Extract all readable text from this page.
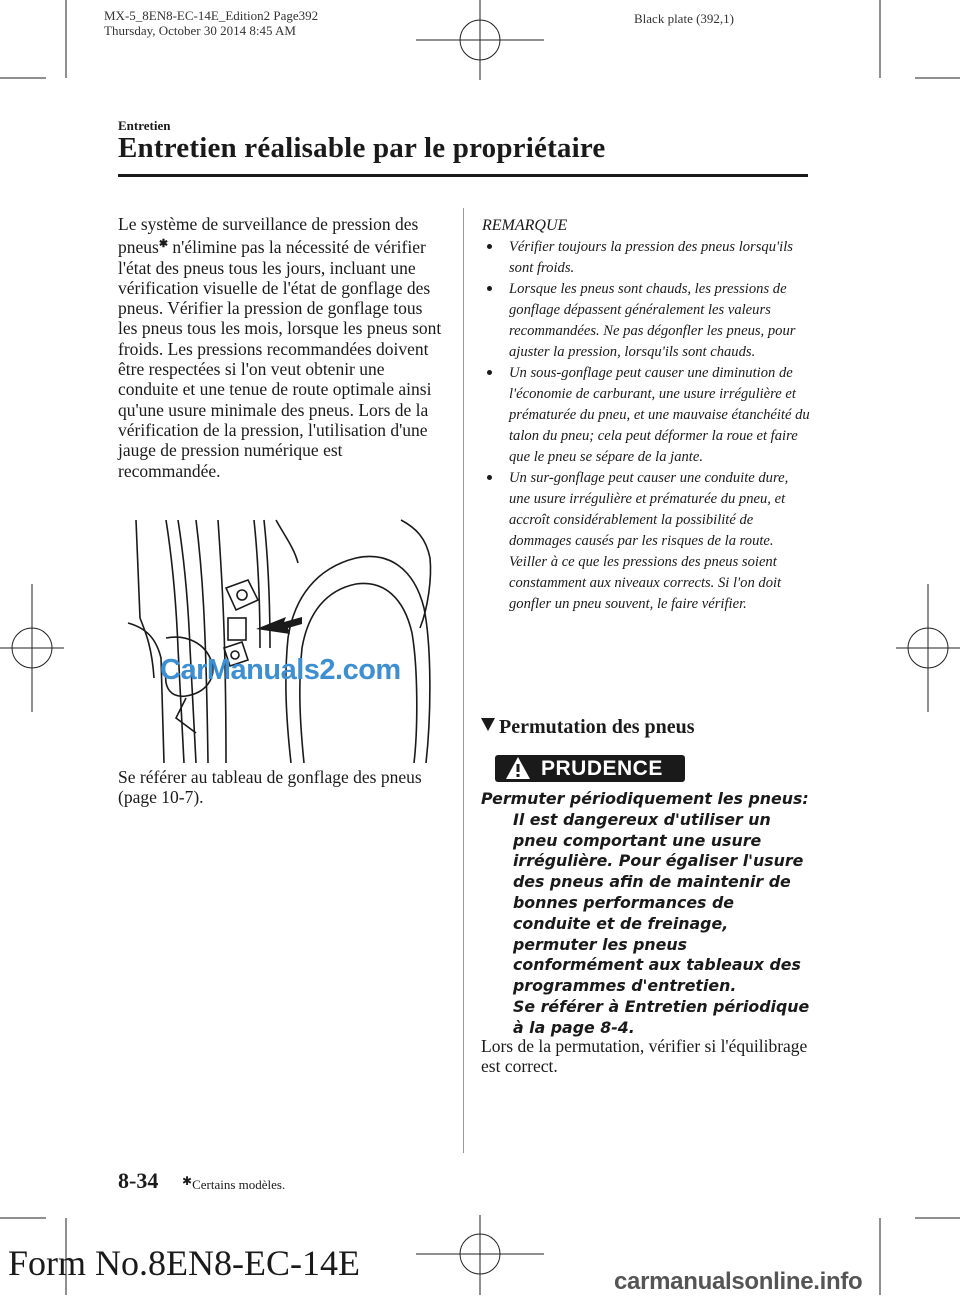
MX-5_8EN8-EC-14E_Edition2 Page392
Thursday, October 30 2014 8:45 AM
Black plate (392,1)
Entretien
Entretien réalisable par le propriétaire
Le système de surveillance de pression des pneus✱ n'élimine pas la nécessité de vérifier l'état des pneus tous les jours, incluant une vérification visuelle de l'état de gonflage des pneus. Vérifier la pression de gonflage tous les pneus tous les mois, lorsque les pneus sont froids. Les pressions recommandées doivent être respectées si l'on veut obtenir une conduite et une tenue de route optimale ainsi qu'une usure minimale des pneus. Lors de la vérification de la pression, l'utilisation d'une jauge de pression numérique est recommandée.
CarManuals2.com
Se référer au tableau de gonflage des pneus (page 10-7).
REMARQUE
Vérifier toujours la pression des pneus lorsqu'ils sont froids.
Lorsque les pneus sont chauds, les pressions de gonflage dépassent généralement les valeurs recommandées. Ne pas dégonfler les pneus, pour ajuster la pression, lorsqu'ils sont chauds.
Un sous-gonflage peut causer une diminution de l'économie de carburant, une usure irrégulière et prématurée du pneu, et une mauvaise étanchéité du talon du pneu; cela peut déformer la roue et faire que le pneu se sépare de la jante.
Un sur-gonflage peut causer une conduite dure, une usure irrégulière et prématurée du pneu, et accroît considérablement la possibilité de dommages causés par les risques de la route. Veiller à ce que les pressions des pneus soient constamment aux niveaux corrects. Si l'on doit gonfler un pneu souvent, le faire vérifier.
Permutation des pneus
PRUDENCE
Permuter périodiquement les pneus:
Il est dangereux d'utiliser un pneu comportant une usure irrégulière. Pour égaliser l'usure des pneus afin de maintenir de bonnes performances de conduite et de freinage, permuter les pneus conformément aux tableaux des programmes d'entretien.
Se référer à Entretien périodique à la page 8-4.
Lors de la permutation, vérifier si l'équilibrage est correct.
8-34 ✱Certains modèles.
Form No.8EN8-EC-14E	carmanualsonline.info
